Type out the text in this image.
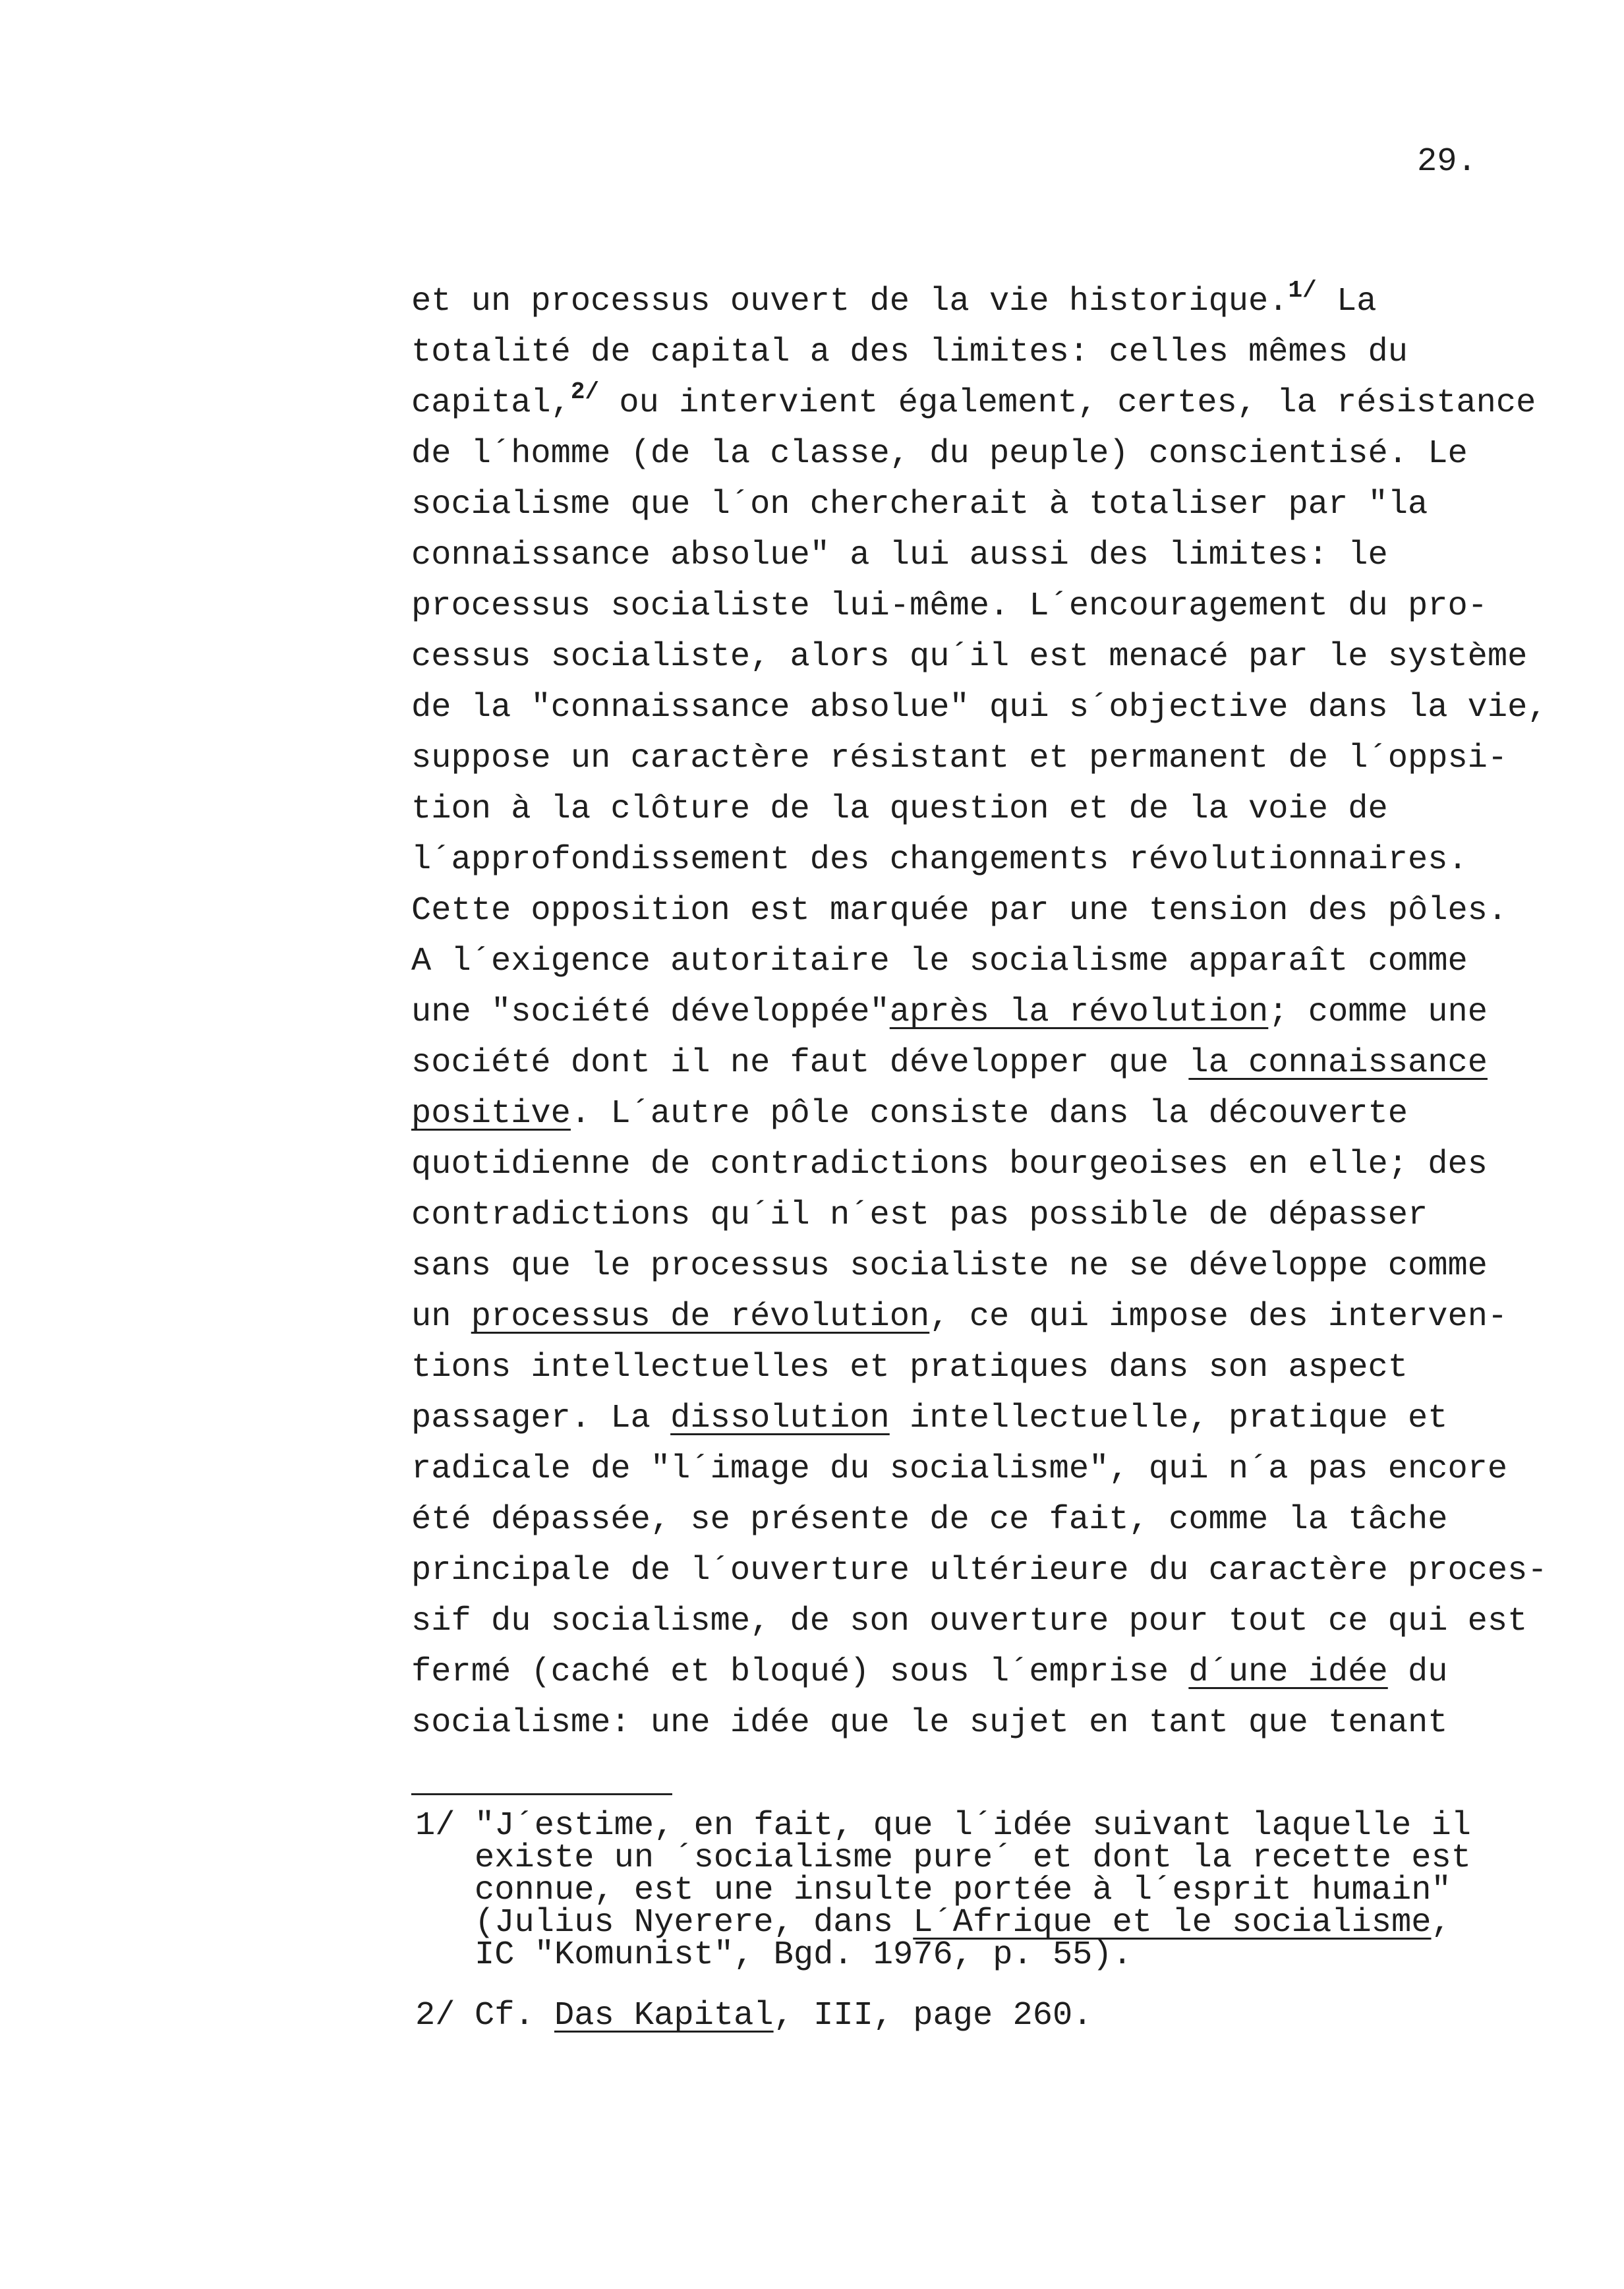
29.
et un processus ouvert de la vie historique.$^{1/}$ La
totalité de capital a des limites: celles mêmes du
capital,$^{2/}$ ou intervient également, certes, la résistance
de l´homme (de la classe, du peuple) conscientisé. Le
socialisme que l´on chercherait à totaliser par "la
connaissance absolue" a lui aussi des limites: le
processus socialiste lui-même. L´encouragement du pro-
cessus socialiste, alors qu´il est menacé par le système
de la "connaissance absolue" qui s´objective dans la vie,
suppose un caractère résistant et permanent de l´oppsi-
tion à la clôture de la question et de la voie de
l´approfondissement des changements révolutionnaires.
Cette opposition est marquée par une tension des pôles.
A l´exigence autoritaire le socialisme apparaît comme
une "société développée"après la révolution; comme une
société dont il ne faut développer que la connaissance
positive. L´autre pôle consiste dans la découverte
quotidienne de contradictions bourgeoises en elle; des
contradictions qu´il n´est pas possible de dépasser
sans que le processus socialiste ne se développe comme
un processus de révolution, ce qui impose des interven-
tions intellectuelles et pratiques dans son aspect
passager. La dissolution intellectuelle, pratique et
radicale de "l´image du socialisme", qui n´a pas encore
été dépassée, se présente de ce fait, comme la tâche
principale de l´ouverture ultérieure du caractère proces-
sif du socialisme, de son ouverture pour tout ce qui est
fermé (caché et bloqué) sous l´emprise d´une idée du
socialisme: une idée que le sujet en tant que tenant
1/ "J´estime, en fait, que l´idée suivant laquelle il
existe un ´socialisme pure´ et dont la recette est
connue, est une insulte portée à l´esprit humain"
(Julius Nyerere, dans L´Afrique et le socialisme,
IC "Komunist", Bgd. 1976, p. 55).
2/ Cf. Das Kapital, III, page 260.
